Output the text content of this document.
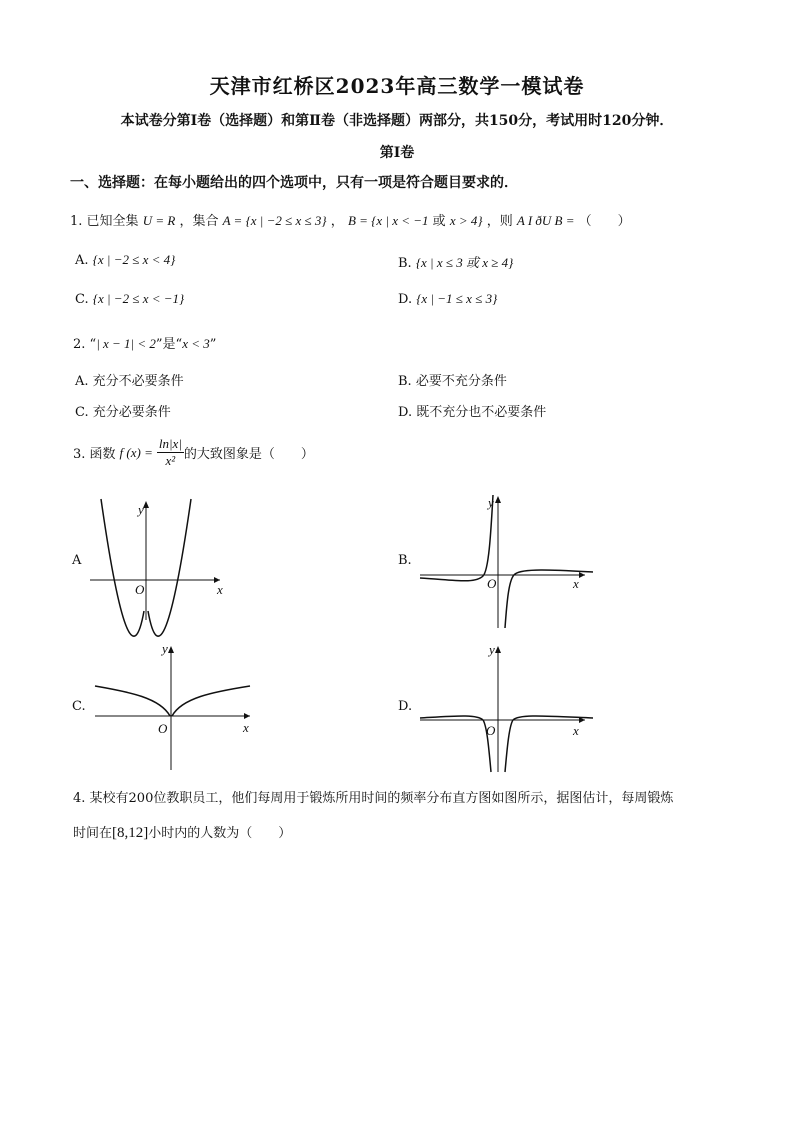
天津市红桥区2023年高三数学一模试卷
本试卷分第Ⅰ卷（选择题）和第Ⅱ卷（非选择题）两部分，共150分，考试用时120分钟．
第Ⅰ卷
一、选择题：在每小题给出的四个选项中，只有一项是符合题目要求的．
1. 已知全集 U = R ，集合 A = {x | −2 ≤ x ≤ 3} ， B = {x | x < −1 或 x > 4} ，则 A I ðU B = （　　）
A. {x | −2 ≤ x < 4}	B. {x | x ≤ 3 或 x ≥ 4}
C. {x | −2 ≤ x < −1}	D. {x | −1 ≤ x ≤ 3}
2. “| x − 1| < 2”是“x < 3”
A. 充分不必要条件	B. 必要不充分条件
C. 充分必要条件	D. 既不充分也不必要条件
3. 函数 f $(x) = \frac{\ln|x|}{\text{x²}}$ 的大致图象是（　　）
A
y
x
O
B.
y
x
O
C.
y
x
O
D.
y
x
O
4. 某校有200位教职员工，他们每周用于锻炼所用时间的频率分布直方图如图所示，据图估计，每周锻炼
时间在[8,12]小时内的人数为（　　）
